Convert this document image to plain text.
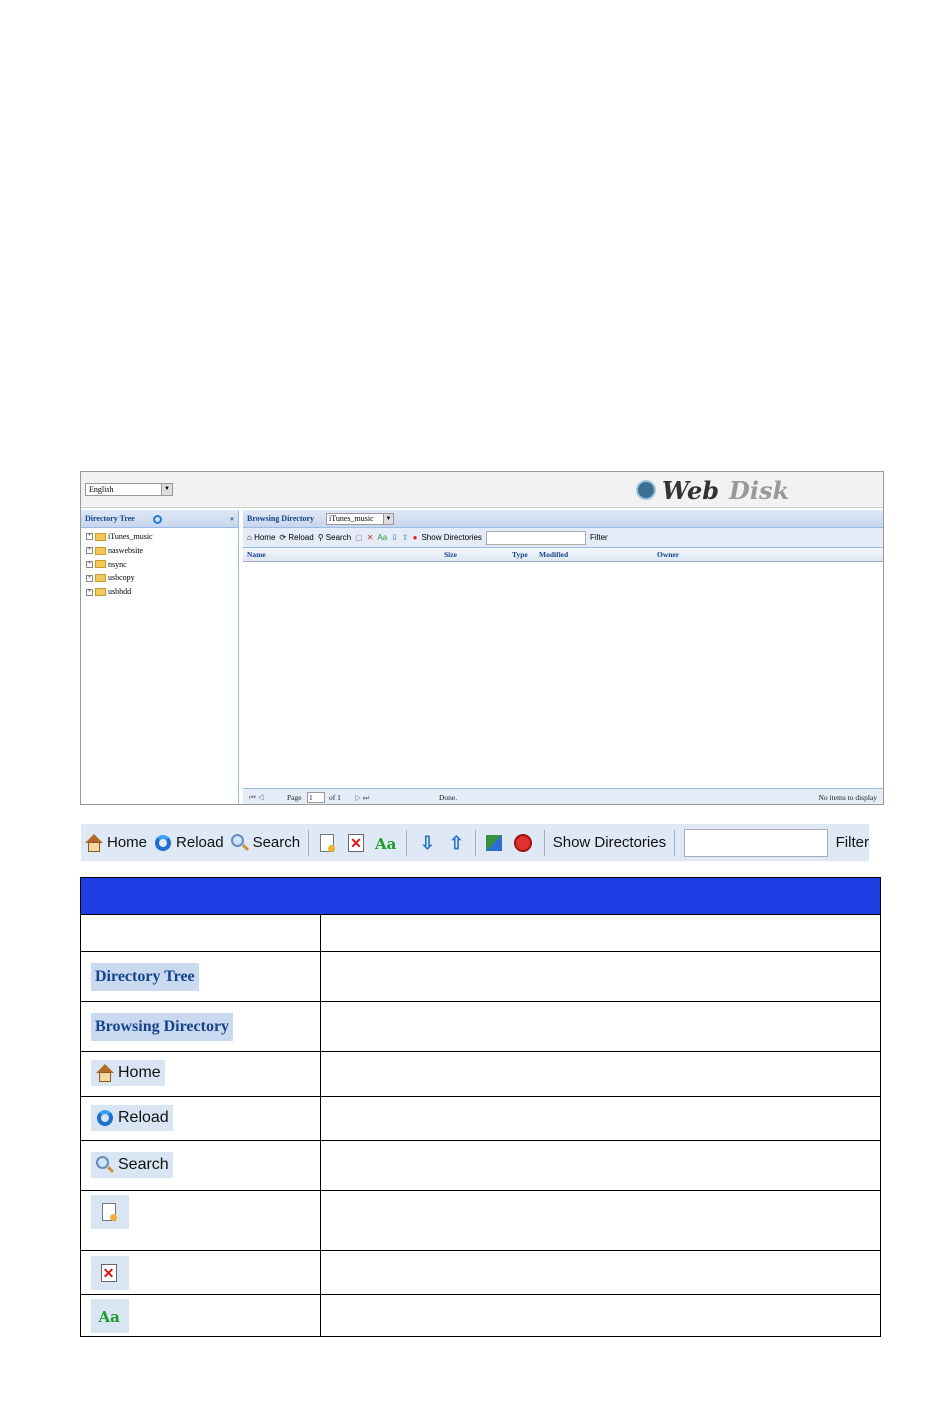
English	▼	Web Disk
Directory Tree	«
+ iTunes_music
+ naswebsite
+ nsync
+ usbcopy
+ usbhdd
Browsing Directory	iTunes_music	▼
⌂ Home ⟳ Reload ⚲ Search ▢ ✕ Aa ⇩ ⇧ ● Show Directories	Filter
Name	Size	Type Modified	Owner
⏮ ◁	Page 1	of 1 ▷ ⏭	Done.	No items to display
Home Reload Search	✕ Aa ⇩ ⇧	Show Directories	Filter

Directory Tree	
Browsing Directory	

Home	

Reload	

Search	

✕	

Aa	
